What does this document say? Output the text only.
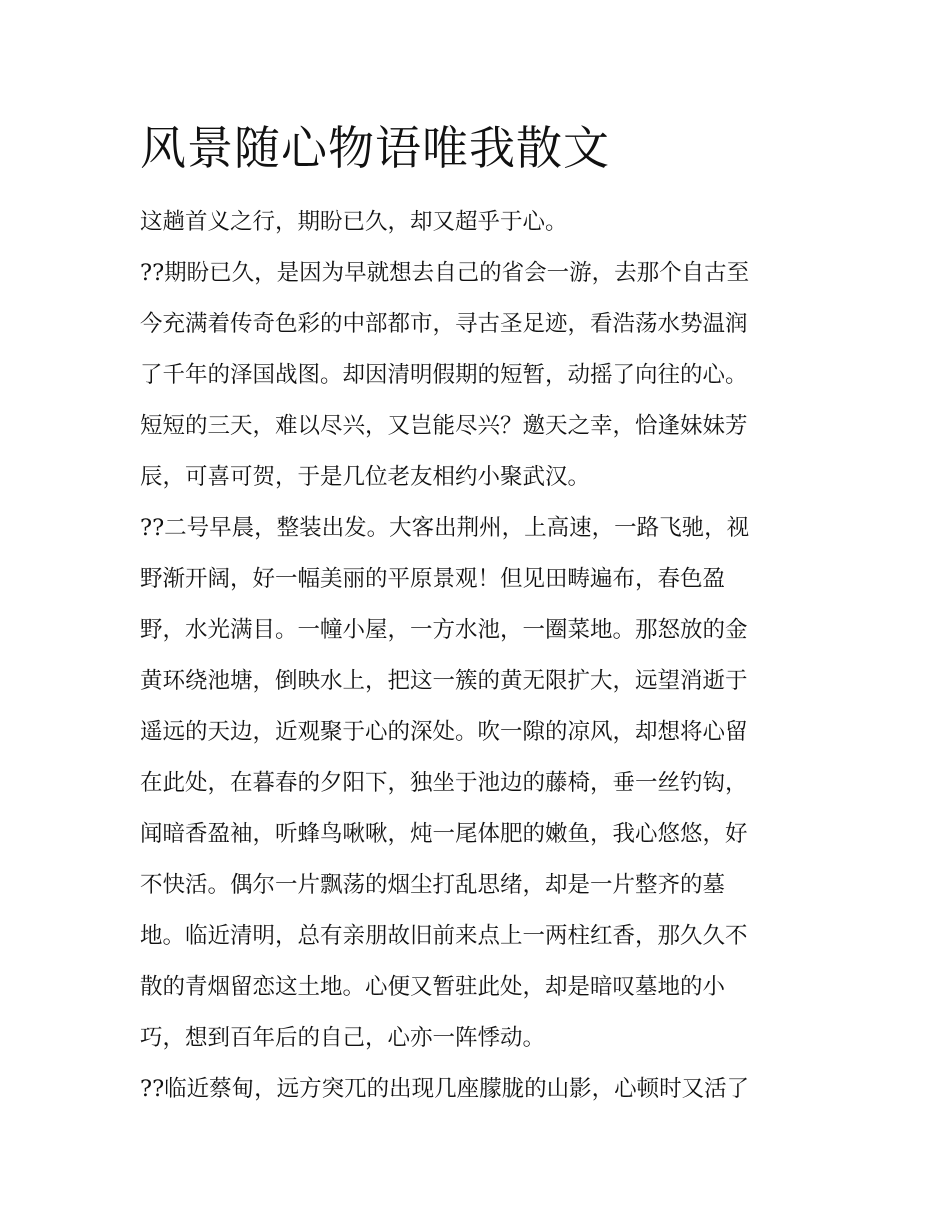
风景随心物语唯我散文

这趟首义之行，期盼已久，却又超乎于心。

??期盼已久，是因为早就想去自己的省会一游，去那个自古至

今充满着传奇色彩的中部都市，寻古圣足迹，看浩荡水势温润

了千年的泽国战图。却因清明假期的短暂，动摇了向往的心。

短短的三天，难以尽兴，又岂能尽兴？邀天之幸，恰逢妹妹芳

辰，可喜可贺，于是几位老友相约小聚武汉。

??二号早晨，整装出发。大客出荆州，上高速，一路飞驰，视

野渐开阔，好一幅美丽的平原景观！但见田畴遍布，春色盈

野，水光满目。一幢小屋，一方水池，一圈菜地。那怒放的金

黄环绕池塘，倒映水上，把这一簇的黄无限扩大，远望消逝于

遥远的天边，近观聚于心的深处。吹一隙的凉风，却想将心留

在此处，在暮春的夕阳下，独坐于池边的藤椅，垂一丝钓钩，

闻暗香盈袖，听蜂鸟啾啾，炖一尾体肥的嫩鱼，我心悠悠，好

不快活。偶尔一片飘荡的烟尘打乱思绪，却是一片整齐的墓

地。临近清明，总有亲朋故旧前来点上一两柱红香，那久久不

散的青烟留恋这土地。心便又暂驻此处，却是暗叹墓地的小

巧，想到百年后的自己，心亦一阵悸动。

??临近蔡甸，远方突兀的出现几座朦胧的山影，心顿时又活了
